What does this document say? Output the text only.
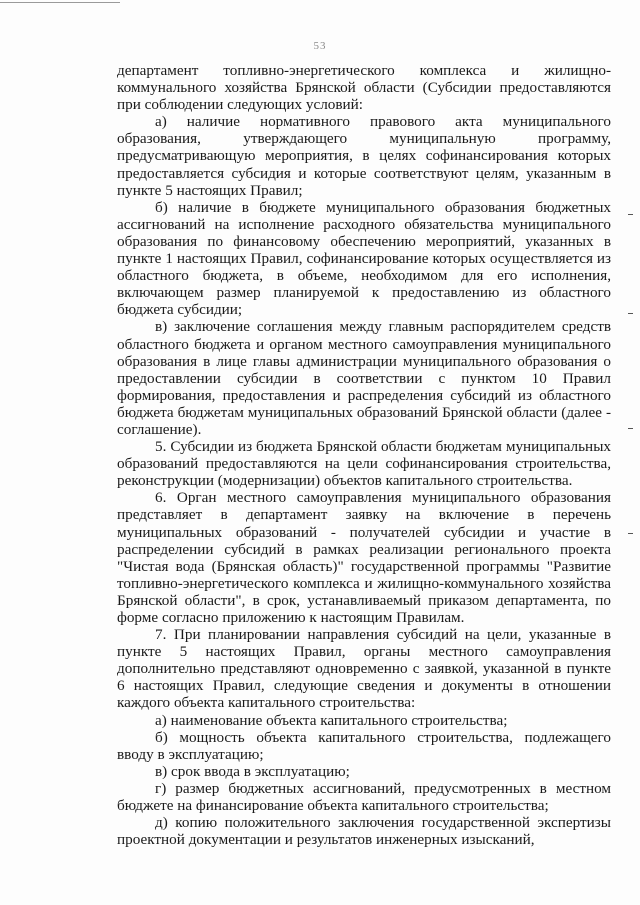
53

департамент топливно-энергетического комплекса и жилищно-коммунального хозяйства Брянской области (Субсидии предоставляются при соблюдении следующих условий:

а) наличие нормативного правового акта муниципального образования, утверждающего муниципальную программу, предусматривающую мероприятия, в целях софинансирования которых предоставляется субсидия и которые соответствуют целям, указанным в пункте 5 настоящих Правил;

б) наличие в бюджете муниципального образования бюджетных ассигнований на исполнение расходного обязательства муниципального образования по финансовому обеспечению мероприятий, указанных в пункте 1 настоящих Правил, софинансирование которых осуществляется из областного бюджета, в объеме, необходимом для его исполнения, включающем размер планируемой к предоставлению из областного бюджета субсидии;

в) заключение соглашения между главным распорядителем средств областного бюджета и органом местного самоуправления муниципального образования в лице главы администрации муниципального образования о предоставлении субсидии в соответствии с пунктом 10 Правил формирования, предоставления и распределения субсидий из областного бюджета бюджетам муниципальных образований Брянской области (далее - соглашение).

5. Субсидии из бюджета Брянской области бюджетам муниципальных образований предоставляются на цели софинансирования строительства, реконструкции (модернизации) объектов капитального строительства.

6. Орган местного самоуправления муниципального образования представляет в департамент заявку на включение в перечень муниципальных образований - получателей субсидии и участие в распределении субсидий в рамках реализации регионального проекта "Чистая вода (Брянская область)" государственной программы "Развитие топливно-энергетического комплекса и жилищно-коммунального хозяйства Брянской области", в срок, устанавливаемый приказом департамента, по форме согласно приложению к настоящим Правилам.

7. При планировании направления субсидий на цели, указанные в пункте 5 настоящих Правил, органы местного самоуправления дополнительно представляют одновременно с заявкой, указанной в пункте 6 настоящих Правил, следующие сведения и документы в отношении каждого объекта капитального строительства:

а) наименование объекта капитального строительства;

б) мощность объекта капитального строительства, подлежащего вводу в эксплуатацию;

в) срок ввода в эксплуатацию;

г) размер бюджетных ассигнований, предусмотренных в местном бюджете на финансирование объекта капитального строительства;

д) копию положительного заключения государственной экспертизы проектной документации и результатов инженерных изысканий,
